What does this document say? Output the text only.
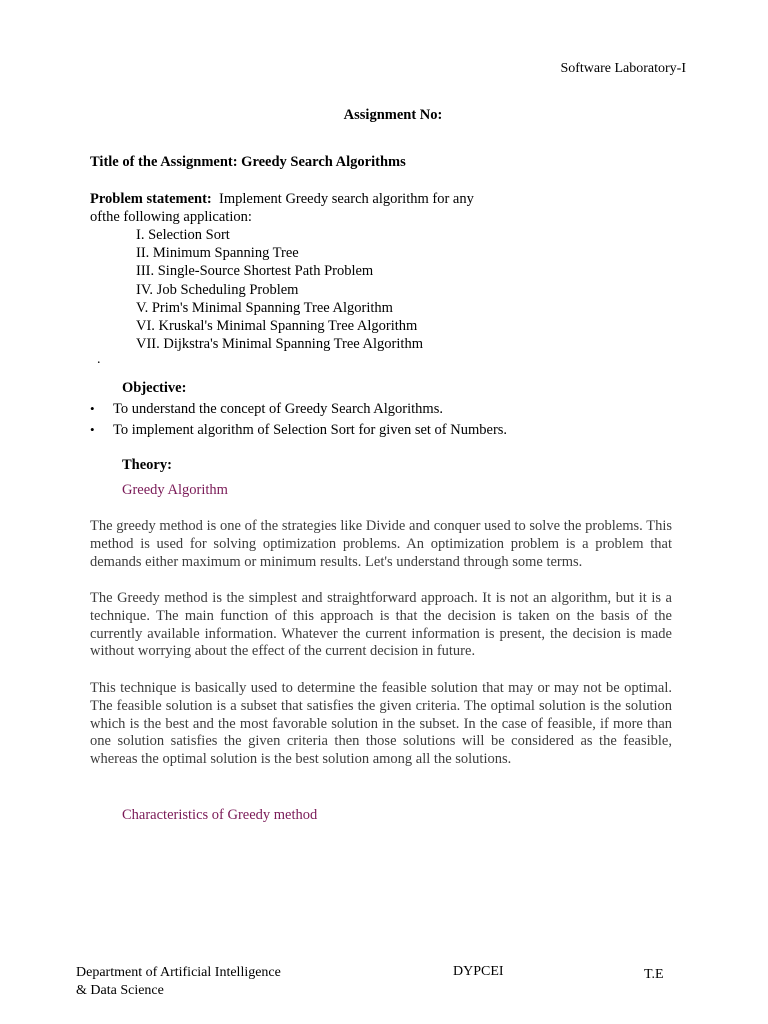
Software Laboratory-I
Assignment No:
Title of the Assignment: Greedy Search Algorithms
Problem statement: Implement Greedy search algorithm for any ofthe following application:
I. Selection Sort
II. Minimum Spanning Tree
III. Single-Source Shortest Path Problem
IV. Job Scheduling Problem
V. Prim's Minimal Spanning Tree Algorithm
VI. Kruskal's Minimal Spanning Tree Algorithm
VII. Dijkstra's Minimal Spanning Tree Algorithm
.
Objective:
• To understand the concept of Greedy Search Algorithms.
• To implement algorithm of Selection Sort for given set of Numbers.
Theory:
Greedy Algorithm

The greedy method is one of the strategies like Divide and conquer used to solve the problems. This method is used for solving optimization problems. An optimization problem is a problem that demands either maximum or minimum results. Let's understand through some terms.

The Greedy method is the simplest and straightforward approach. It is not an algorithm, but it is a technique. The main function of this approach is that the decision is taken on the basis of the currently available information. Whatever the current information is present, the decision is made without worrying about the effect of the current decision in future.

This technique is basically used to determine the feasible solution that may or may not be optimal. The feasible solution is a subset that satisfies the given criteria. The optimal solution is the solution which is the best and the most favorable solution in the subset. In the case of feasible, if more than one solution satisfies the given criteria then those solutions will be considered as the feasible, whereas the optimal solution is the best solution among all the solutions.

Characteristics of Greedy method
Department of Artificial Intelligence
& Data Science
DYPCEI	T.E
